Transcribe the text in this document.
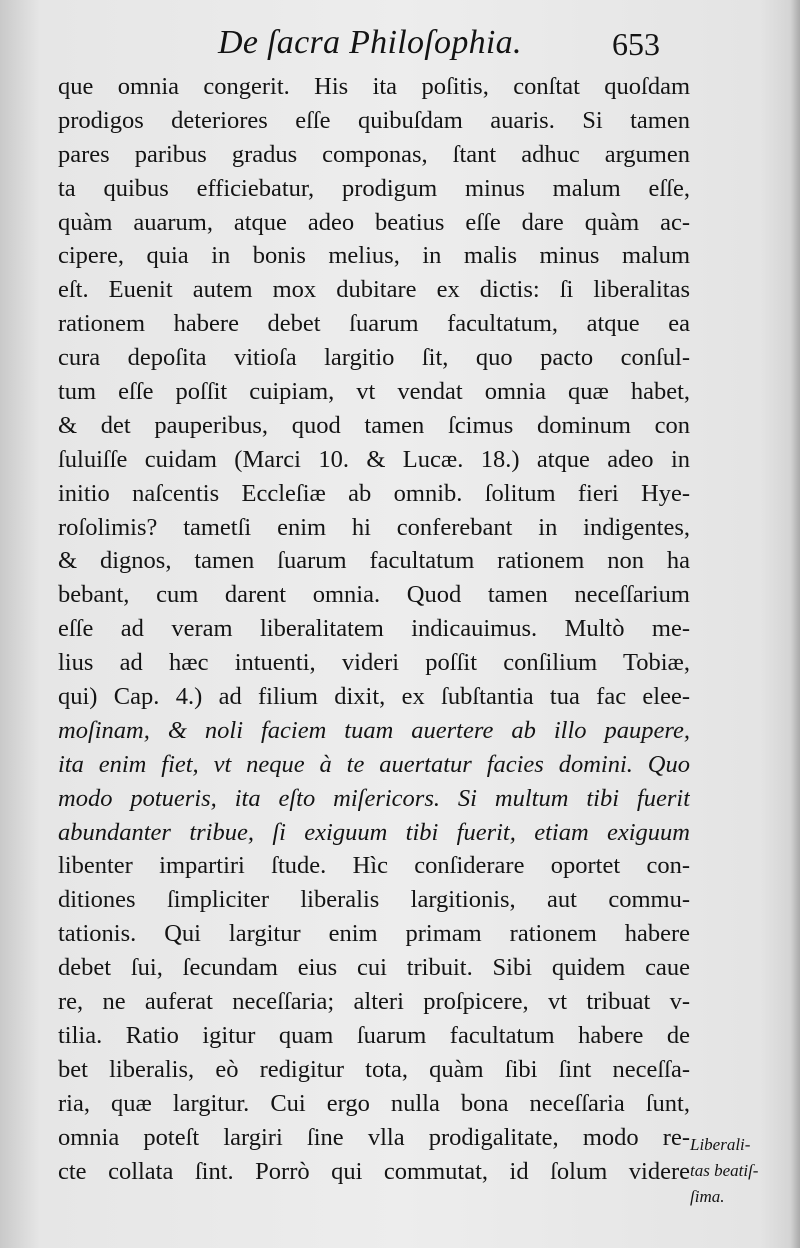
De ſacra Philoſophia.	653
que omnia congerit. His ita poſitis, conſtat quoſdam
prodigos deteriores eſſe quibuſdam auaris. Si tamen
pares paribus gradus componas, ſtant adhuc argumen
ta quibus efficiebatur, prodigum minus malum eſſe,
quàm auarum, atque adeo beatius eſſe dare quàm ac-
cipere, quia in bonis melius, in malis minus malum
eſt. Euenit autem mox dubitare ex dictis: ſi liberalitas
rationem habere debet ſuarum facultatum, atque ea
cura depoſita vitioſa largitio ſit, quo pacto conſul-
tum eſſe poſſit cuipiam, vt vendat omnia quæ habet,
& det pauperibus, quod tamen ſcimus dominum con
ſuluiſſe cuidam (Marci 10. & Lucæ. 18.) atque adeo in
initio naſcentis Eccleſiæ ab omnib. ſolitum fieri Hye-
roſolimis? tametſi enim hi conferebant in indigentes,
& dignos, tamen ſuarum facultatum rationem non ha
bebant, cum darent omnia. Quod tamen neceſſarium
eſſe ad veram liberalitatem indicauimus. Multò me-
lius ad hæc intuenti, videri poſſit conſilium Tobiæ,
qui) Cap. 4.) ad filium dixit, ex ſubſtantia tua fac elee-
moſinam, & noli faciem tuam auertere ab illo paupere,
ita enim fiet, vt neque à te auertatur facies domini. Quo
modo potueris, ita eſto miſericors. Si multum tibi fuerit
abundanter tribue, ſi exiguum tibi fuerit, etiam exiguum
libenter impartiri ſtude. Hìc conſiderare oportet con-
ditiones ſimpliciter liberalis largitionis, aut commu-
tationis. Qui largitur enim primam rationem habere
debet ſui, ſecundam eius cui tribuit. Sibi quidem caue
re, ne auferat neceſſaria; alteri proſpicere, vt tribuat v-
tilia. Ratio igitur quam ſuarum facultatum habere de
bet liberalis, eò redigitur tota, quàm ſibi ſint neceſſa-
ria, quæ largitur. Cui ergo nulla bona neceſſaria ſunt,
omnia poteſt largiri ſine vlla prodigalitate, modo re-
cte collata ſint. Porrò qui commutat, id ſolum videre
Liberali-
tas beatiſ-
ſima.
